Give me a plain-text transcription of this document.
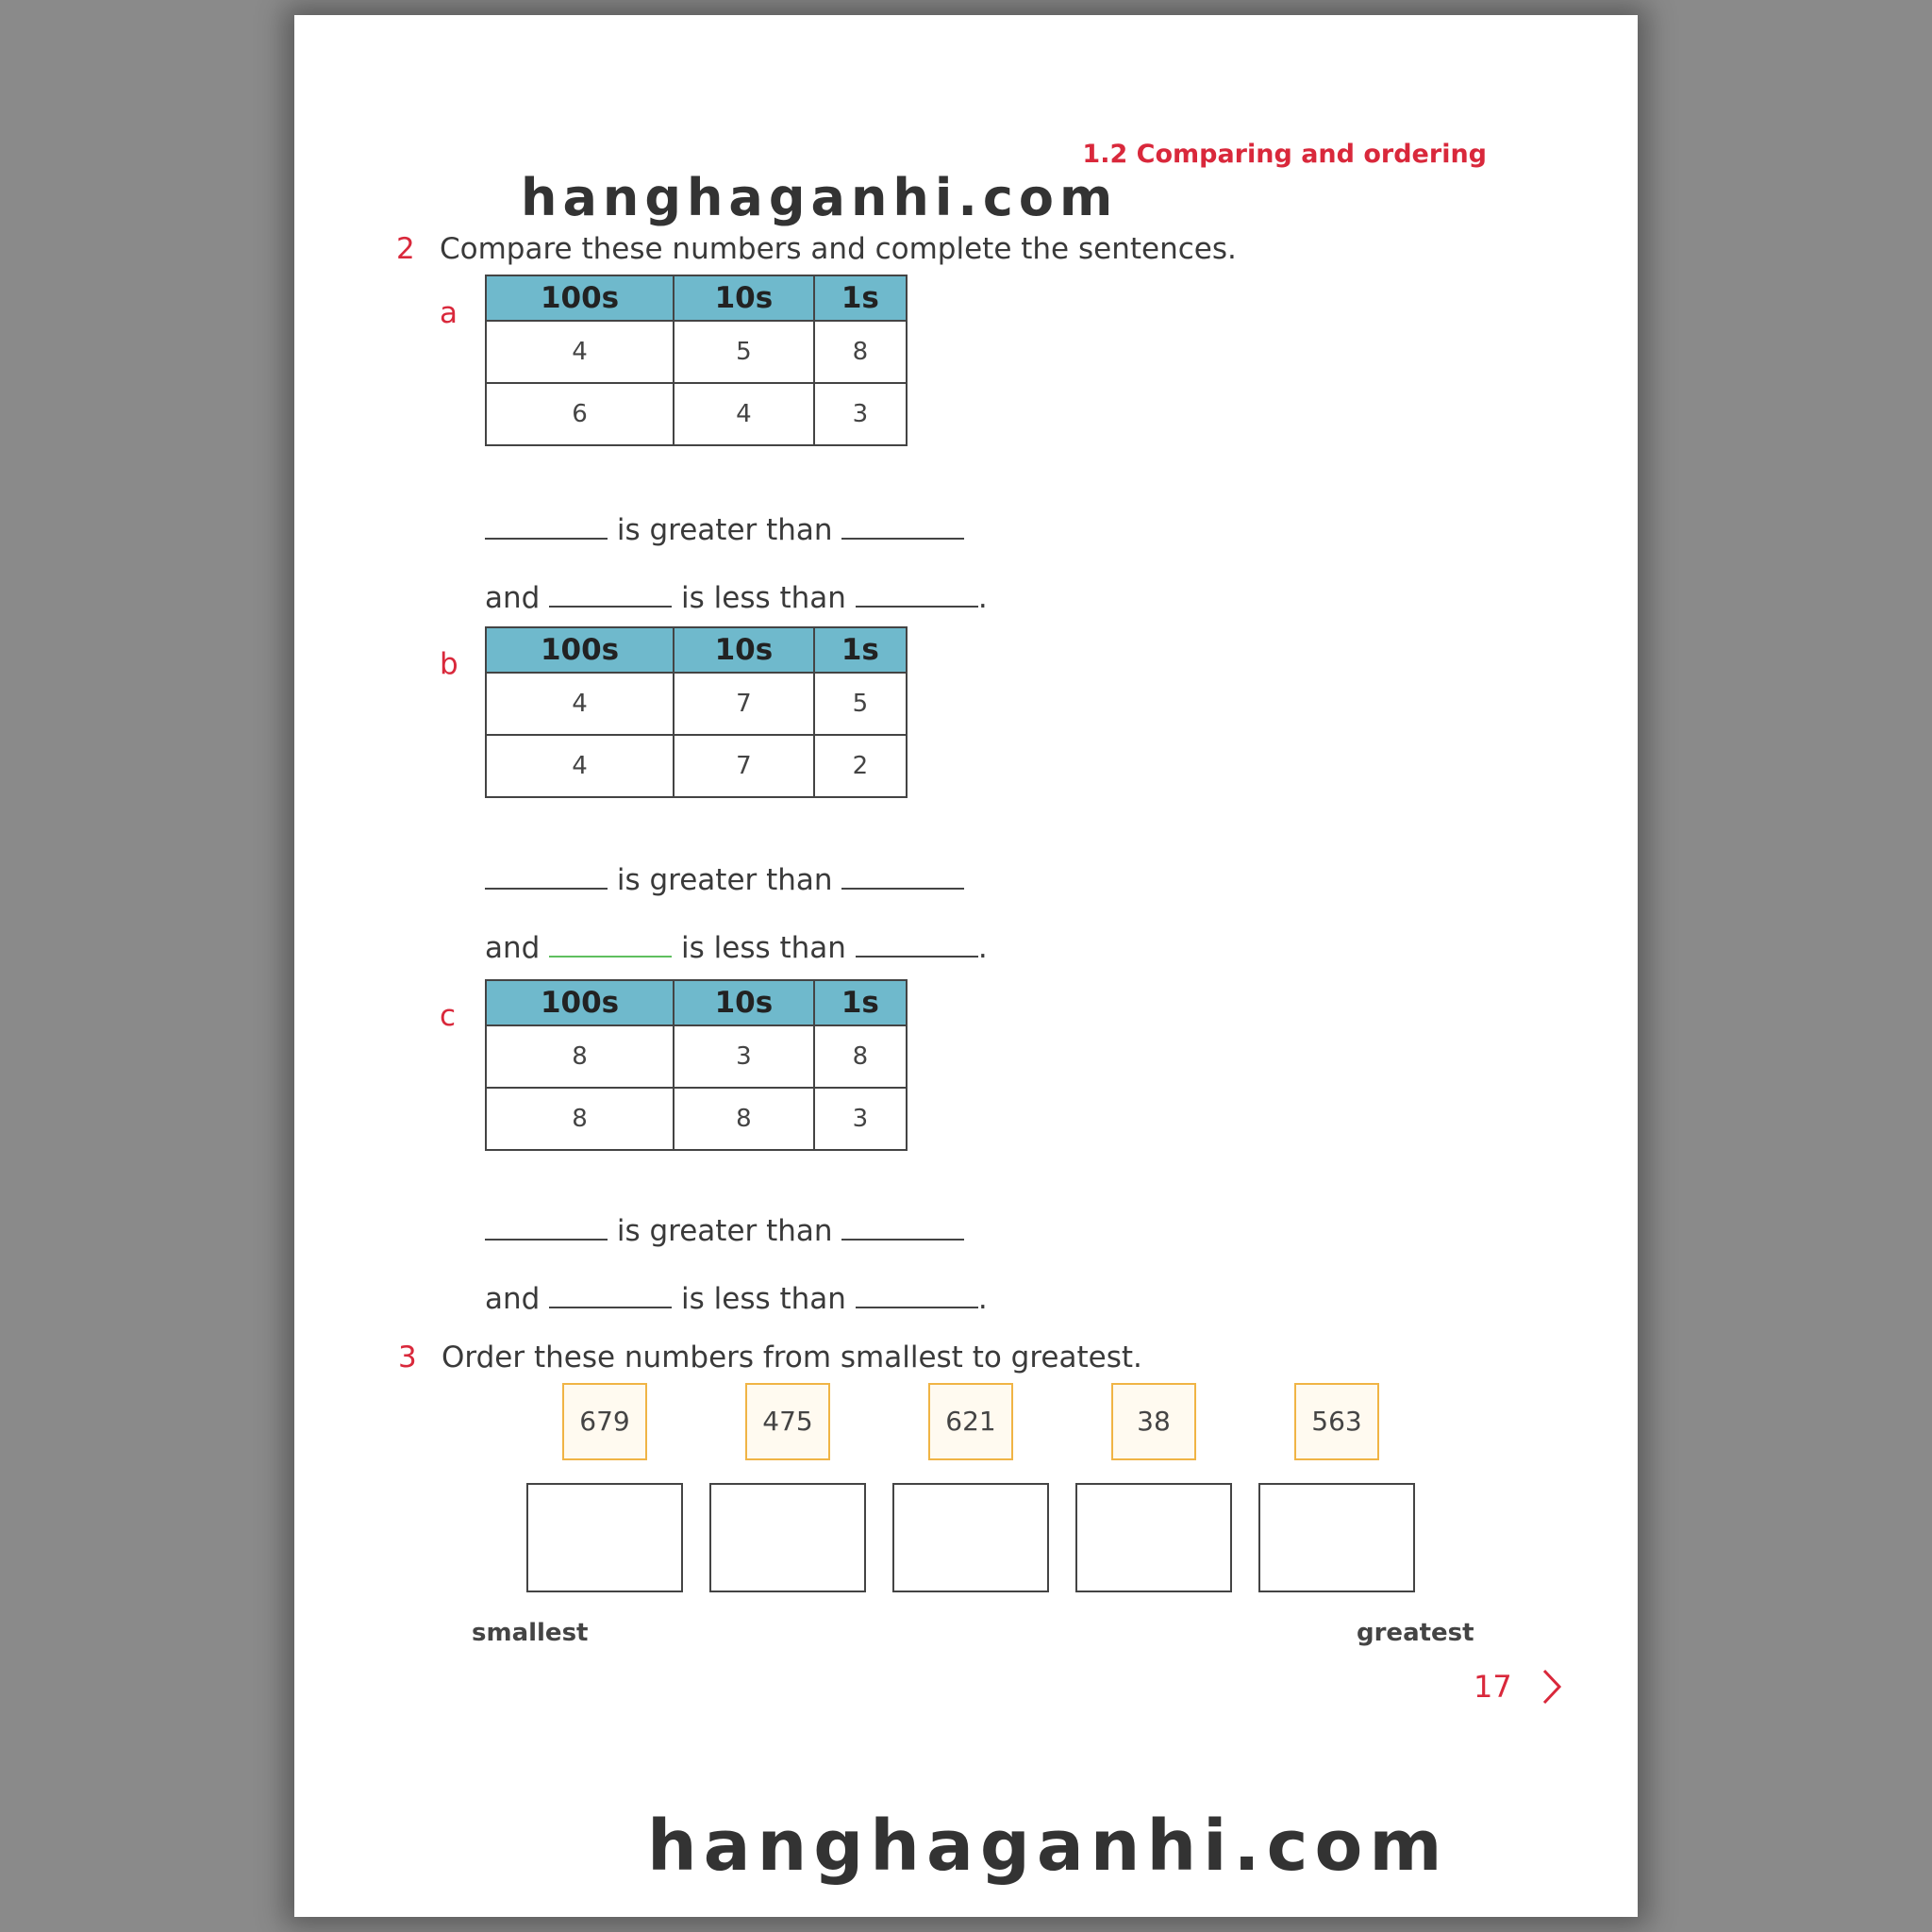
1.2 Comparing and ordering
hanghaganhi.com
2 Compare these numbers and complete the sentences.
a	100s	10s	1s
4	5	8
6	4	3
is greater than
and	is less than	.
b	100s	10s	1s
4	7	5
4	7	2
is greater than
and	is less than	.
c	100s	10s	1s
8	3	8
8	8	3
is greater than
and	is less than	.
3 Order these numbers from smallest to greatest.
679	475	621	38	563
smallest	greatest
17
hanghaganhi.com
